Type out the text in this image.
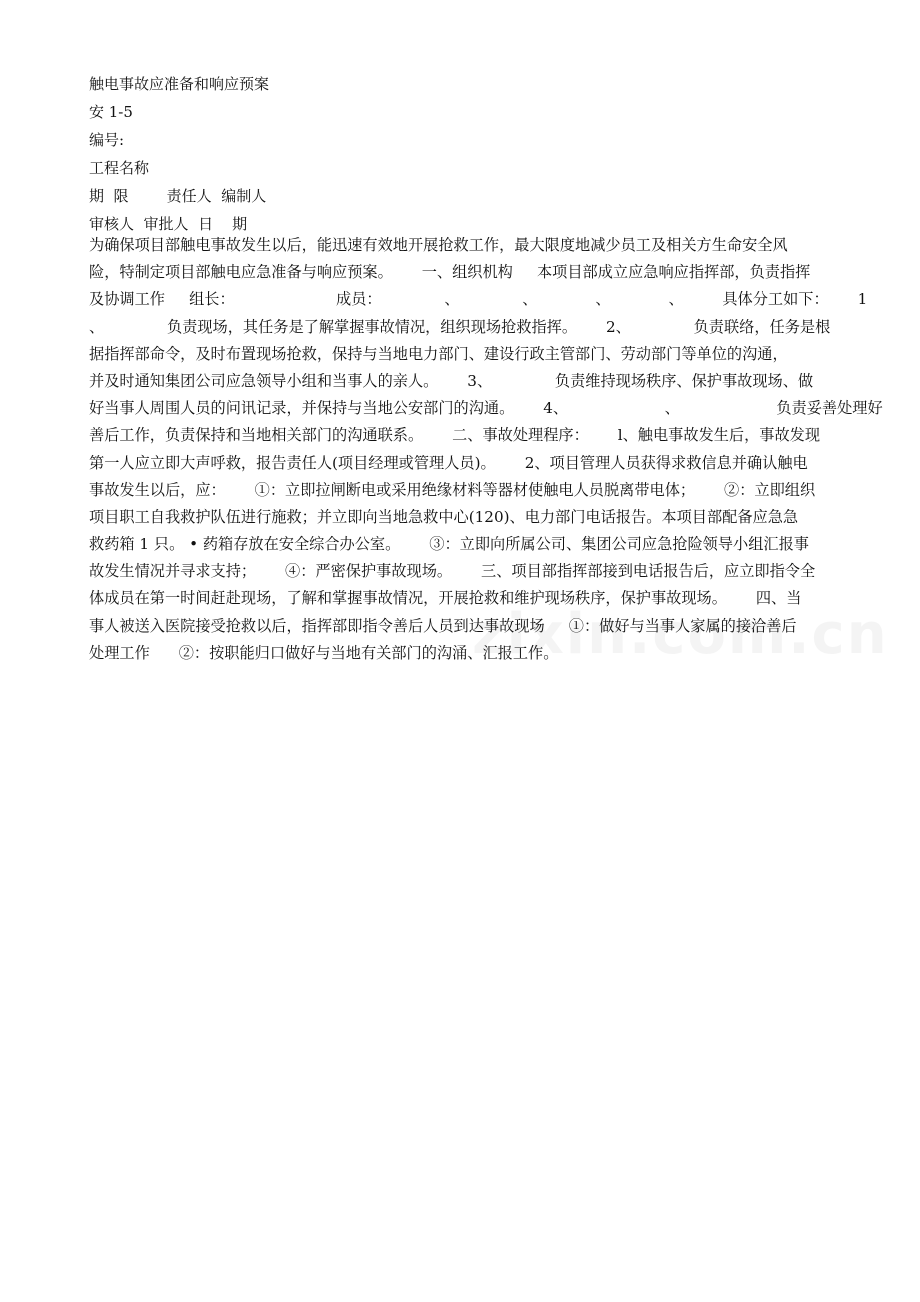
触电事故应准备和响应预案
安 1-5
编号:
工程名称
期  限        责任人  编制人
审核人  审批人  日    期
为确保项目部触电事故发生以后，能迅速有效地开展抢救工作，最大限度地减少员工及相关方生命安全风
险，特制定项目部触电应急准备与响应预案。      一、组织机构     本项目部成立应急响应指挥部，负责指挥
及协调工作     组长：                     成员：             、             、            、            、        具体分工如下：      1
、             负责现场，其任务是了解掌握事故情况，组织现场抢救指挥。      2、             负责联络，任务是根
据指挥部命令，及时布置现场抢救，保持与当地电力部门、建设行政主管部门、劳动部门等单位的沟通，
并及时通知集团公司应急领导小组和当事人的亲人。      3、             负责维持现场秩序、保护事故现场、做
好当事人周围人员的问讯记录，并保持与当地公安部门的沟通。      4、                    、                    负责妥善处理好
善后工作，负责保持和当地相关部门的沟通联系。      二、事故处理程序：      l、触电事故发生后，事故发现
第一人应立即大声呼救，报告责任人(项目经理或管理人员)。      2、项目管理人员获得求救信息并确认触电
事故发生以后，应：      ①：立即拉闸断电或采用绝缘材料等器材使触电人员脱离带电体；      ②：立即组织
项目职工自我救护队伍进行施救；并立即向当地急救中心(120)、电力部门电话报告。本项目部配备应急急
救药箱 1 只。 • 药箱存放在安全综合办公室。      ③：立即向所属公司、集团公司应急抢险领导小组汇报事
故发生情况并寻求支持；      ④：严密保护事故现场。      三、项目部指挥部接到电话报告后，应立即指令全
体成员在第一时间赶赴现场，了解和掌握事故情况，开展抢救和维护现场秩序，保护事故现场。      四、当
事人被送入医院接受抢救以后，指挥部即指令善后人员到达事故现场     ①：做好与当事人家属的接洽善后
处理工作      ②：按职能归口做好与当地有关部门的沟涌、汇报工作。
